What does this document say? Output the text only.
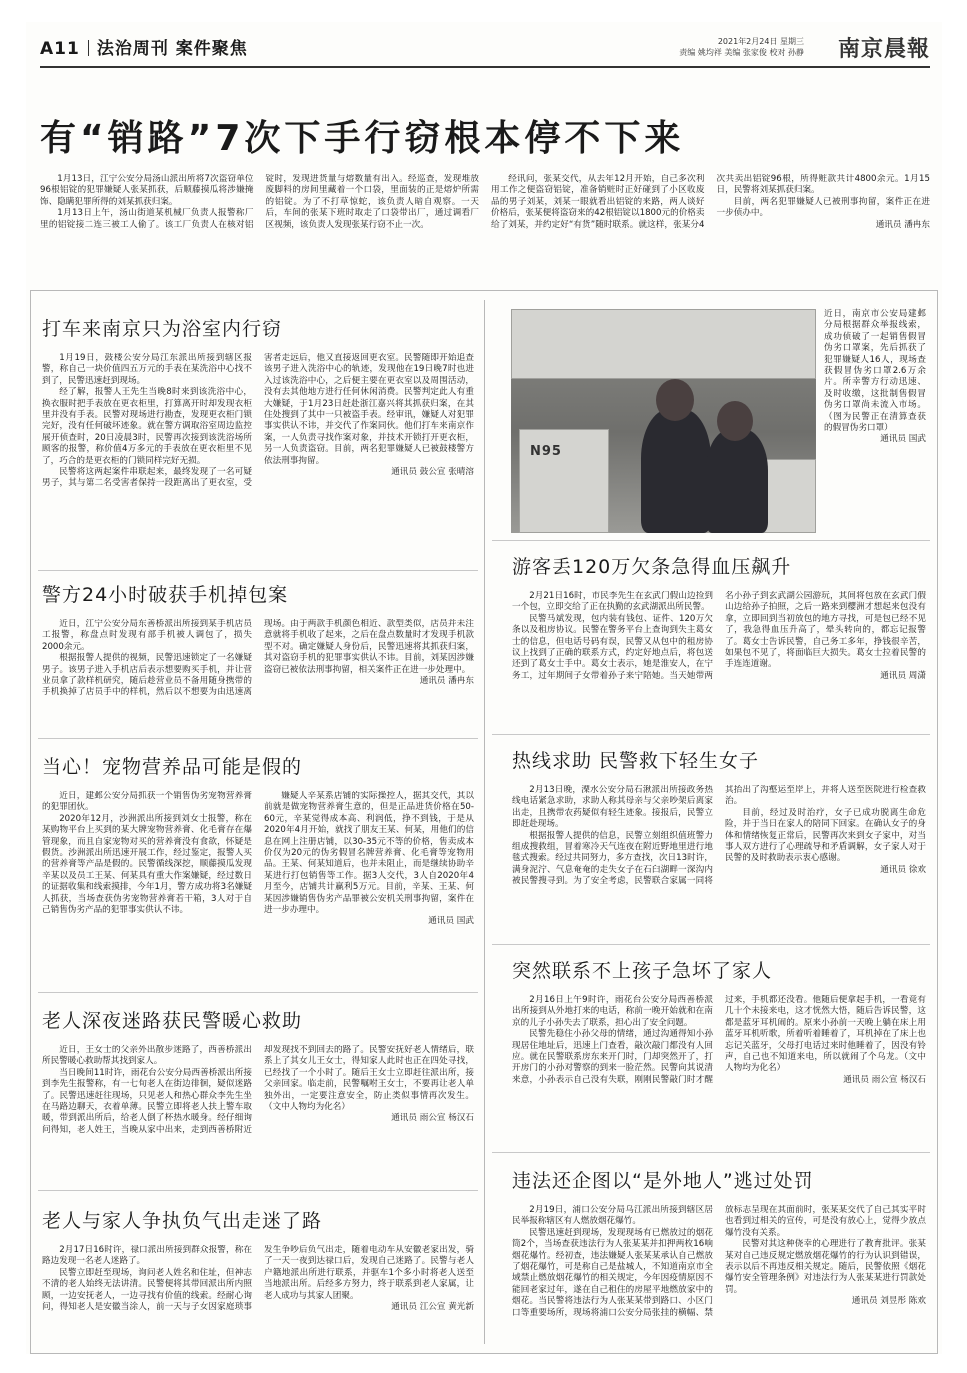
A11 法治周刊 案件聚焦	2021年2月24日 星期三
责编 姚均祥 美编 张家俊 校对 孙静 南京晨報
有“销路”7次下手行窃根本停不下来

1月13日，江宁公安分局汤山派出所将7次盗窃单位96根铝锭的犯罪嫌疑人张某抓获，后顺藤摸瓜将涉嫌掩饰、隐瞒犯罪所得的刘某抓获归案。

1月13日上午，汤山街道某机械厂负责人报警称厂里的铝锭接二连三被工人偷了。该工厂负责人在核对铝锭时，发现进货量与熔数量有出入。经巡查，发现堆放废脚料的房间里藏着一个口袋，里面装的正是熔炉所需的铝锭。为了不打草惊蛇，该负责人暗自观察。一天后，车间的张某下班时取走了口袋带出厂，通过调看厂区视频，该负责人发现张某行窃不止一次。

经讯问，张某交代，从去年12月开始，自己多次利用工作之便盗窃铝锭，准备销赃时正好碰到了小区收废品的男子刘某，刘某一眼就看出铝锭的来路，两人谈好价格后，张某便将盗窃来的42根铝锭以1800元的价格卖给了刘某，并约定好“有货”随时联系。就这样，张某分4次共卖出铝锭96根，所得赃款共计4800余元。1月15日，民警将刘某抓获归案。

目前，两名犯罪嫌疑人已被刑事拘留，案件正在进一步侦办中。

通讯员 潘冉东

打车来南京只为浴室内行窃

1月19日，鼓楼公安分局江东派出所接到辖区报警，称自己一块价值四五万元的手表在某洗浴中心找不到了，民警迅速赶到现场。

经了解，报警人王先生当晚8时来到该洗浴中心，换衣服时把手表放在更衣柜里，打算离开时却发现衣柜里并没有手表。民警对现场进行勘查，发现更衣柜门锁完好，没有任何破坏迹象。就在警方调取浴室周边监控展开侦查时，20日凌晨3时，民警再次接到该洗浴场所顾客的报警，称价值4万多元的手表放在更衣柜里不见了，巧合的是更衣柜的门锁同样完好无损。

民警将这两起案件串联起来，最终发现了一名可疑男子，其与第二名受害者保持一段距离出了更衣室，受害者走远后，他又直接返回更衣室。民警随即开始追查该男子进入洗浴中心的轨迹，发现他在19日晚7时也进入过该洗浴中心，之后便主要在更衣室以及周围活动，没有去其他地方进行任何休闲消费。民警判定此人有重大嫌疑，于1月23日赶赴浙江嘉兴将其抓获归案，在其住处搜到了其中一只被盗手表。经审讯，嫌疑人对犯罪事实供认不讳，并交代了作案同伙。他们打车来南京作案，一人负责寻找作案对象，并技术开锁打开更衣柜，另一人负责盗窃。目前，两名犯罪嫌疑人已被鼓楼警方依法刑事拘留。

通讯员 鼓公宣 张晴溶

警方24小时破获手机掉包案

近日，江宁公安分局东善桥派出所接到某手机店员工报警，称盘点时发现有部手机被人调包了，损失2000余元。

根据报警人提供的视频，民警迅速锁定了一名嫌疑男子。该男子进入手机店后表示想要购买手机，并让营业员拿了款样机研究，随后趁营业员不备用随身携带的手机换掉了店员手中的样机，然后以不想要为由迅速离现场。由于两款手机颜色相近、款型类似，店员并未注意就将手机收了起来，之后在盘点数量时才发现手机款型不对。确定嫌疑人身份后，民警迅速将其抓获归案，其对盗窃手机的犯罪事实供认不讳。目前，刘某因涉嫌盗窃已被依法刑事拘留，相关案件正在进一步处理中。

通讯员 潘冉东

当心！宠物营养品可能是假的

近日，建邺公安分局抓获一个销售伪劣宠物营养膏的犯罪团伙。

2020年12月，沙洲派出所接到刘女士报警，称在某购物平台上买到的某大牌宠物营养膏、化毛膏存在爆管现象，而且自家宠物对买的营养膏没有食欲，怀疑是假货。沙洲派出所迅速开展工作，经过鉴定，报警人买的营养膏等产品是假的。民警循线深挖，顺藤摸瓜发现辛某以及员工王某、何某具有重大作案嫌疑，经过数日的证据收集和线索摸排，今年1月，警方成功将3名嫌疑人抓获，当场查获伪劣宠物营养膏若干箱，3人对于自己销售伪劣产品的犯罪事实供认不讳。

嫌疑人辛某系店铺的实际操控人，据其交代，其以前就是做宠物营养膏生意的，但是正品进货价格在50-60元，辛某觉得成本高、利润低，挣不到钱，于是从2020年4月开始，就找了朋友王某、何某，用他们的信息在网上注册店铺，以30-35元不等的价格，售卖成本价仅为20元的伪劣假冒名牌营养膏、化毛膏等宠物用品。王某、何某知道后，也并未阻止，而是继续协助辛某进行打包销售等工作。据3人交代，3人自2020年4月至今，店铺共计赢利5万元。目前，辛某、王某、何某因涉嫌销售伪劣产品罪被公安机关刑事拘留，案件在进一步办理中。

通讯员 国武

老人深夜迷路获民警暖心救助

近日，王女士的父亲外出散步迷路了，西善桥派出所民警暖心救助帮其找到家人。

当日晚间11时许，雨花台公安分局西善桥派出所接到李先生报警称，有一七旬老人在街边徘徊，疑似迷路了。民警迅速赶往现场，只见老人和热心群众李先生坐在马路边聊天，衣着单薄。民警立即将老人扶上警车取暖，带到派出所后，给老人倒了杯热水暖身。经仔细询问得知，老人姓王，当晚从家中出来，走到西善桥附近却发现找不到回去的路了。民警安抚好老人情绪后，联系上了其女儿王女士，得知家人此时也正在四处寻找，已经找了一个小时了。随后王女士立即赶往派出所，接父亲回家。临走前，民警嘱咐王女士，不要再让老人单独外出，一定要注意安全，防止类似事情再次发生。（文中人物均为化名）

通讯员 雨公宣 杨汉石

老人与家人争执负气出走迷了路

2月17日16时许，禄口派出所接到群众报警，称在路边发现一名老人迷路了。

民警立即赶至现场，询问老人姓名和住址，但神志不清的老人始终无法讲清。民警便将其带回派出所内照顾，一边安抚老人，一边寻找有价值的线索。经耐心询问，得知老人是安徽当涂人，前一天与子女因家庭琐事发生争吵后负气出走，随着电动车从安徽老家出发，骑了一天一夜到达禄口后，发现自己迷路了。民警与老人户籍地派出所进行联系，并驱车1个多小时将老人送至当地派出所。后经多方努力，终于联系到老人家属，让老人成功与其家人团聚。

通讯员 江公宣 黄光新

N95
近日，南京市公安局建邺分局根据群众举报线索，成功侦破了一起销售假冒伪劣口罩案，先后抓获了犯罪嫌疑人16人，现场查获假冒伪劣口罩2.6万余片。所幸警方行动迅速、及时收缴，这批制售假冒伪劣口罩尚未流入市场。（图为民警正在清算查获的假冒伪劣口罩）
通讯员 国武
游客丢120万欠条急得血压飙升

2月21日16时，市民李先生在玄武门假山边捡到一个包，立即交给了正在执勤的玄武湖派出所民警。

民警马斌发现，包内装有钱包、证件、120万欠条以及租房协议。民警在警务平台上查询到失主葛女士的信息，但电话号码有误，民警又从包中的租房协议上找到了正确的联系方式，约定好地点后，将包送还到了葛女士手中。葛女士表示，她是淮安人，在宁务工，过年期间子女带着孙子来宁陪她。当天她带两名小孙子到玄武湖公园游玩，其间将包放在玄武门假山边给孙子拍照，之后一路来到樱洲才想起来包没有拿，立即回到当初放包的地方寻找，可是包已经不见了，我急得血压升高了，晕头转向的，都忘记报警了。葛女士告诉民警，自己务工多年，挣钱很辛苦，如果包不见了，将面临巨大损失。葛女士拉着民警的手连连道谢。

通讯员 周潇

热线求助 民警救下轻生女子

2月13日晚，溧水公安分局石湫派出所接政务热线电话紧急求助，求助人称其母亲与父亲吵架后离家出走，且携带农药疑似有轻生迹象。接报后，民警立即赶赴现场。

根据报警人提供的信息，民警立刻组织值班警力组成搜救组，冒着寒冷天气连夜在附近野地里进行地毯式搜索。经过共同努力，多方查找，次日13时许，满身泥泞、气息奄奄的走失女子在石臼湖畔一深沟内被民警搜寻到。为了安全考虑，民警联合家属一同将其抬出了沟壑运至岸上，并将人送至医院进行检查救治。

目前，经过及时治疗，女子已成功脱离生命危险，并于当日在家人的陪同下回家。在确认女子的身体和情绪恢复正常后，民警再次来到女子家中，对当事人双方进行了心理疏导和矛盾调解，女子家人对于民警的及时救助表示衷心感谢。

通讯员 徐欢

突然联系不上孩子急坏了家人

2月16日上午9时许，雨花台公安分局西善桥派出所接到从外地打来的电话，称前一晚开始就和在南京的儿子小孙失去了联系，担心出了安全问题。

民警先稳住小孙父母的情绪，通过沟通得知小孙现居住地址后，迅速上门查看，敲次敲门都没有人回应。就在民警联系房东来开门时，门却突然开了，打开房门的小孙对警察的到来一脸茫然。民警向其说清来意，小孙表示自己没有失联，刚刚民警敲门时才醒过来，手机都还没看。他随后便拿起手机，一看竟有几十个未接来电，这才恍然大悟，随后告诉民警，这都是蓝牙耳机闹的。原来小孙前一天晚上躺在床上用蓝牙耳机听歌，所着听着睡着了，耳机掉在了床上也忘记关蓝牙，父母打电话过来时他睡着了，因没有铃声，自己也不知道来电，所以就闹了个乌龙。（文中人物均为化名）

通讯员 雨公宣 杨汉石

违法还企图以“是外地人”逃过处罚

2月19日，浦口公安分局乌江派出所接到辖区居民举报称辖区有人燃放烟花爆竹。

民警迅速赶到现场，发现现场有已燃放过的烟花筒2个，当场查获违法行为人张某某并扣押两枚16响烟花爆竹。经初查，违法嫌疑人张某某承认自己燃放了烟花爆竹，可是称自己是盐城人，不知道南京市全域禁止燃放烟花爆竹的相关规定，今年因疫情原因不能回老家过年，遂在自己租住的房屋平地燃放家中的烟花。当民警将违法行为人张某某带到路口、小区门口等重要场所，现场将浦口公安分局张挂的横幅、禁放标志呈现在其面前时，张某某交代了自己其实平时也看到过相关的宣传，可是没有放心上，觉得少放点爆竹没有关系。

民警对其这种侥幸的心理进行了教育批评。张某某对自己违反规定燃放烟花爆竹的行为认识到错误，表示以后不再违反相关规定。随后，民警依照《烟花爆竹安全管理条例》对违法行为人张某某进行罚款处罚。

通讯员 刘昱彤 陈欢
